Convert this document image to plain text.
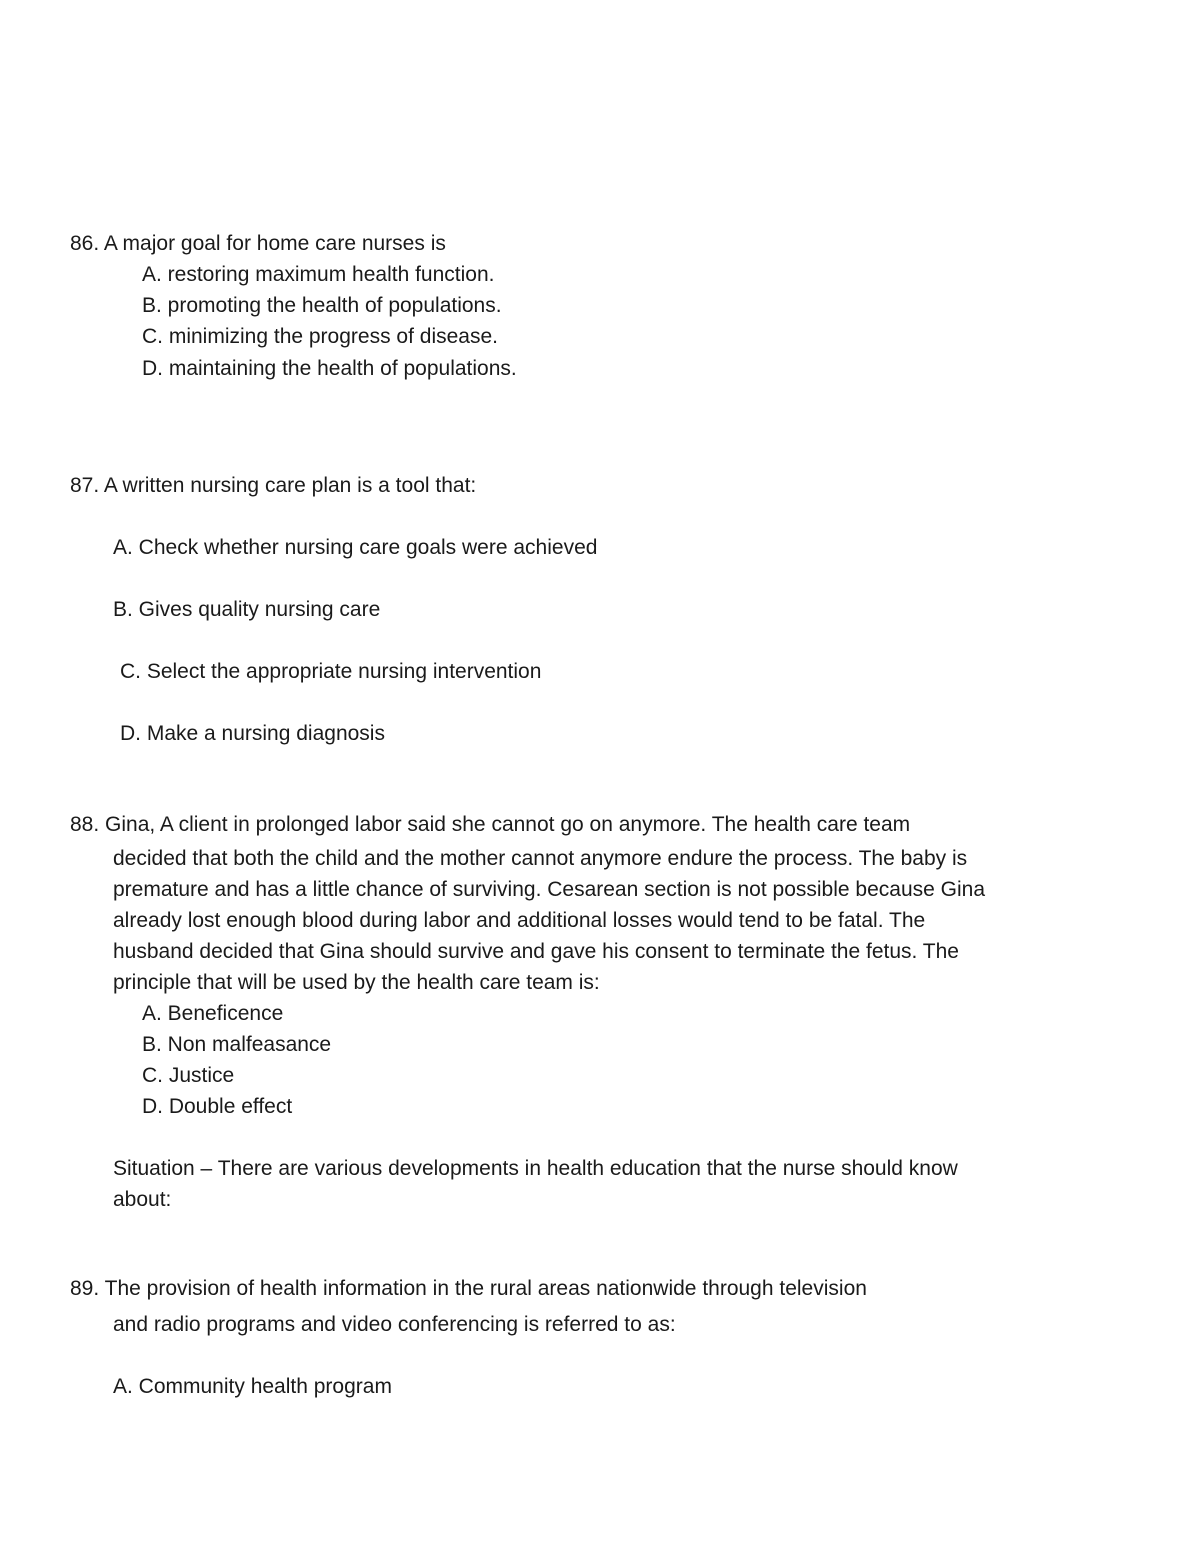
86. A major goal for home care nurses is
A. restoring maximum health function.
B. promoting the health of populations.
C. minimizing the progress of disease.
D. maintaining the health of populations.
87. A written nursing care plan is a tool that:
A. Check whether nursing care goals were achieved
B. Gives quality nursing care
C. Select the appropriate nursing intervention
D. Make a nursing diagnosis
88. Gina, A client in prolonged labor said she cannot go on anymore. The health care team
decided that both the child and the mother cannot anymore endure the process. The baby is
premature and has a little chance of surviving. Cesarean section is not possible because Gina
already lost enough blood during labor and additional losses would tend to be fatal. The
husband decided that Gina should survive and gave his consent to terminate the fetus. The
principle that will be used by the health care team is:
A. Beneficence
B. Non malfeasance
C. Justice
D. Double effect
Situation – There are various developments in health education that the nurse should know
about:
89. The provision of health information in the rural areas nationwide through television
and radio programs and video conferencing is referred to as:
A. Community health program
